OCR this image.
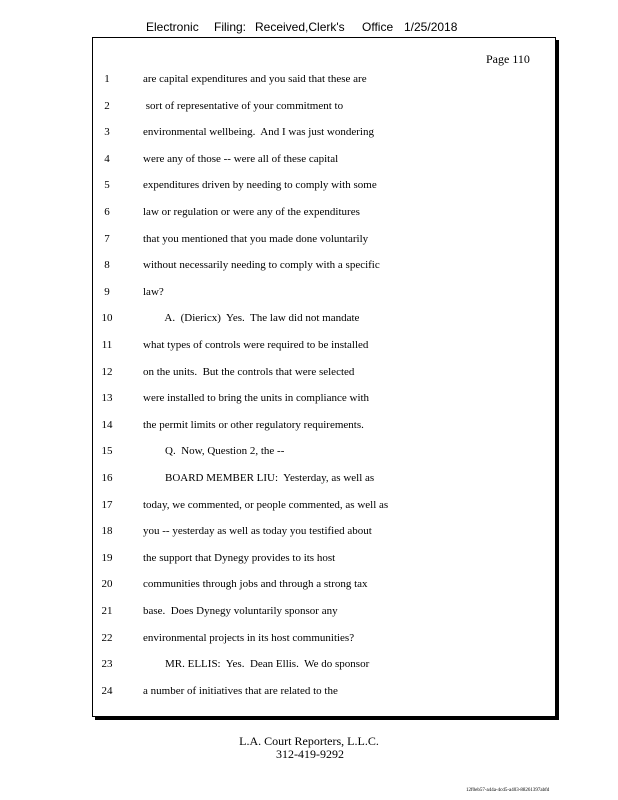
Electronic Filing: Received,Clerk's Office 1/25/2018
Page 110
1	are capital expenditures and you said that these are
2	sort of representative of your commitment to
3	environmental wellbeing.  And I was just wondering
4	were any of those -- were all of these capital
5	expenditures driven by needing to comply with some
6	law or regulation or were any of the expenditures
7	that you mentioned that you made done voluntarily
8	without necessarily needing to comply with a specific
9	law?
10	A.  (Diericx)  Yes.  The law did not mandate
11	what types of controls were required to be installed
12	on the units.  But the controls that were selected
13	were installed to bring the units in compliance with
14	the permit limits or other regulatory requirements.
15	Q.  Now, Question 2, the --
16	BOARD MEMBER LIU:  Yesterday, as well as
17	today, we commented, or people commented, as well as
18	you -- yesterday as well as today you testified about
19	the support that Dynegy provides to its host
20	communities through jobs and through a strong tax
21	base.  Does Dynegy voluntarily sponsor any
22	environmental projects in its host communities?
23	MR. ELLIS:  Yes.  Dean Ellis.  We do sponsor
24	a number of initiatives that are related to the
L.A. Court Reporters, L.L.C.
312-419-9292
12f0eb57-a44a-4cd5-a403-88261397abfd
